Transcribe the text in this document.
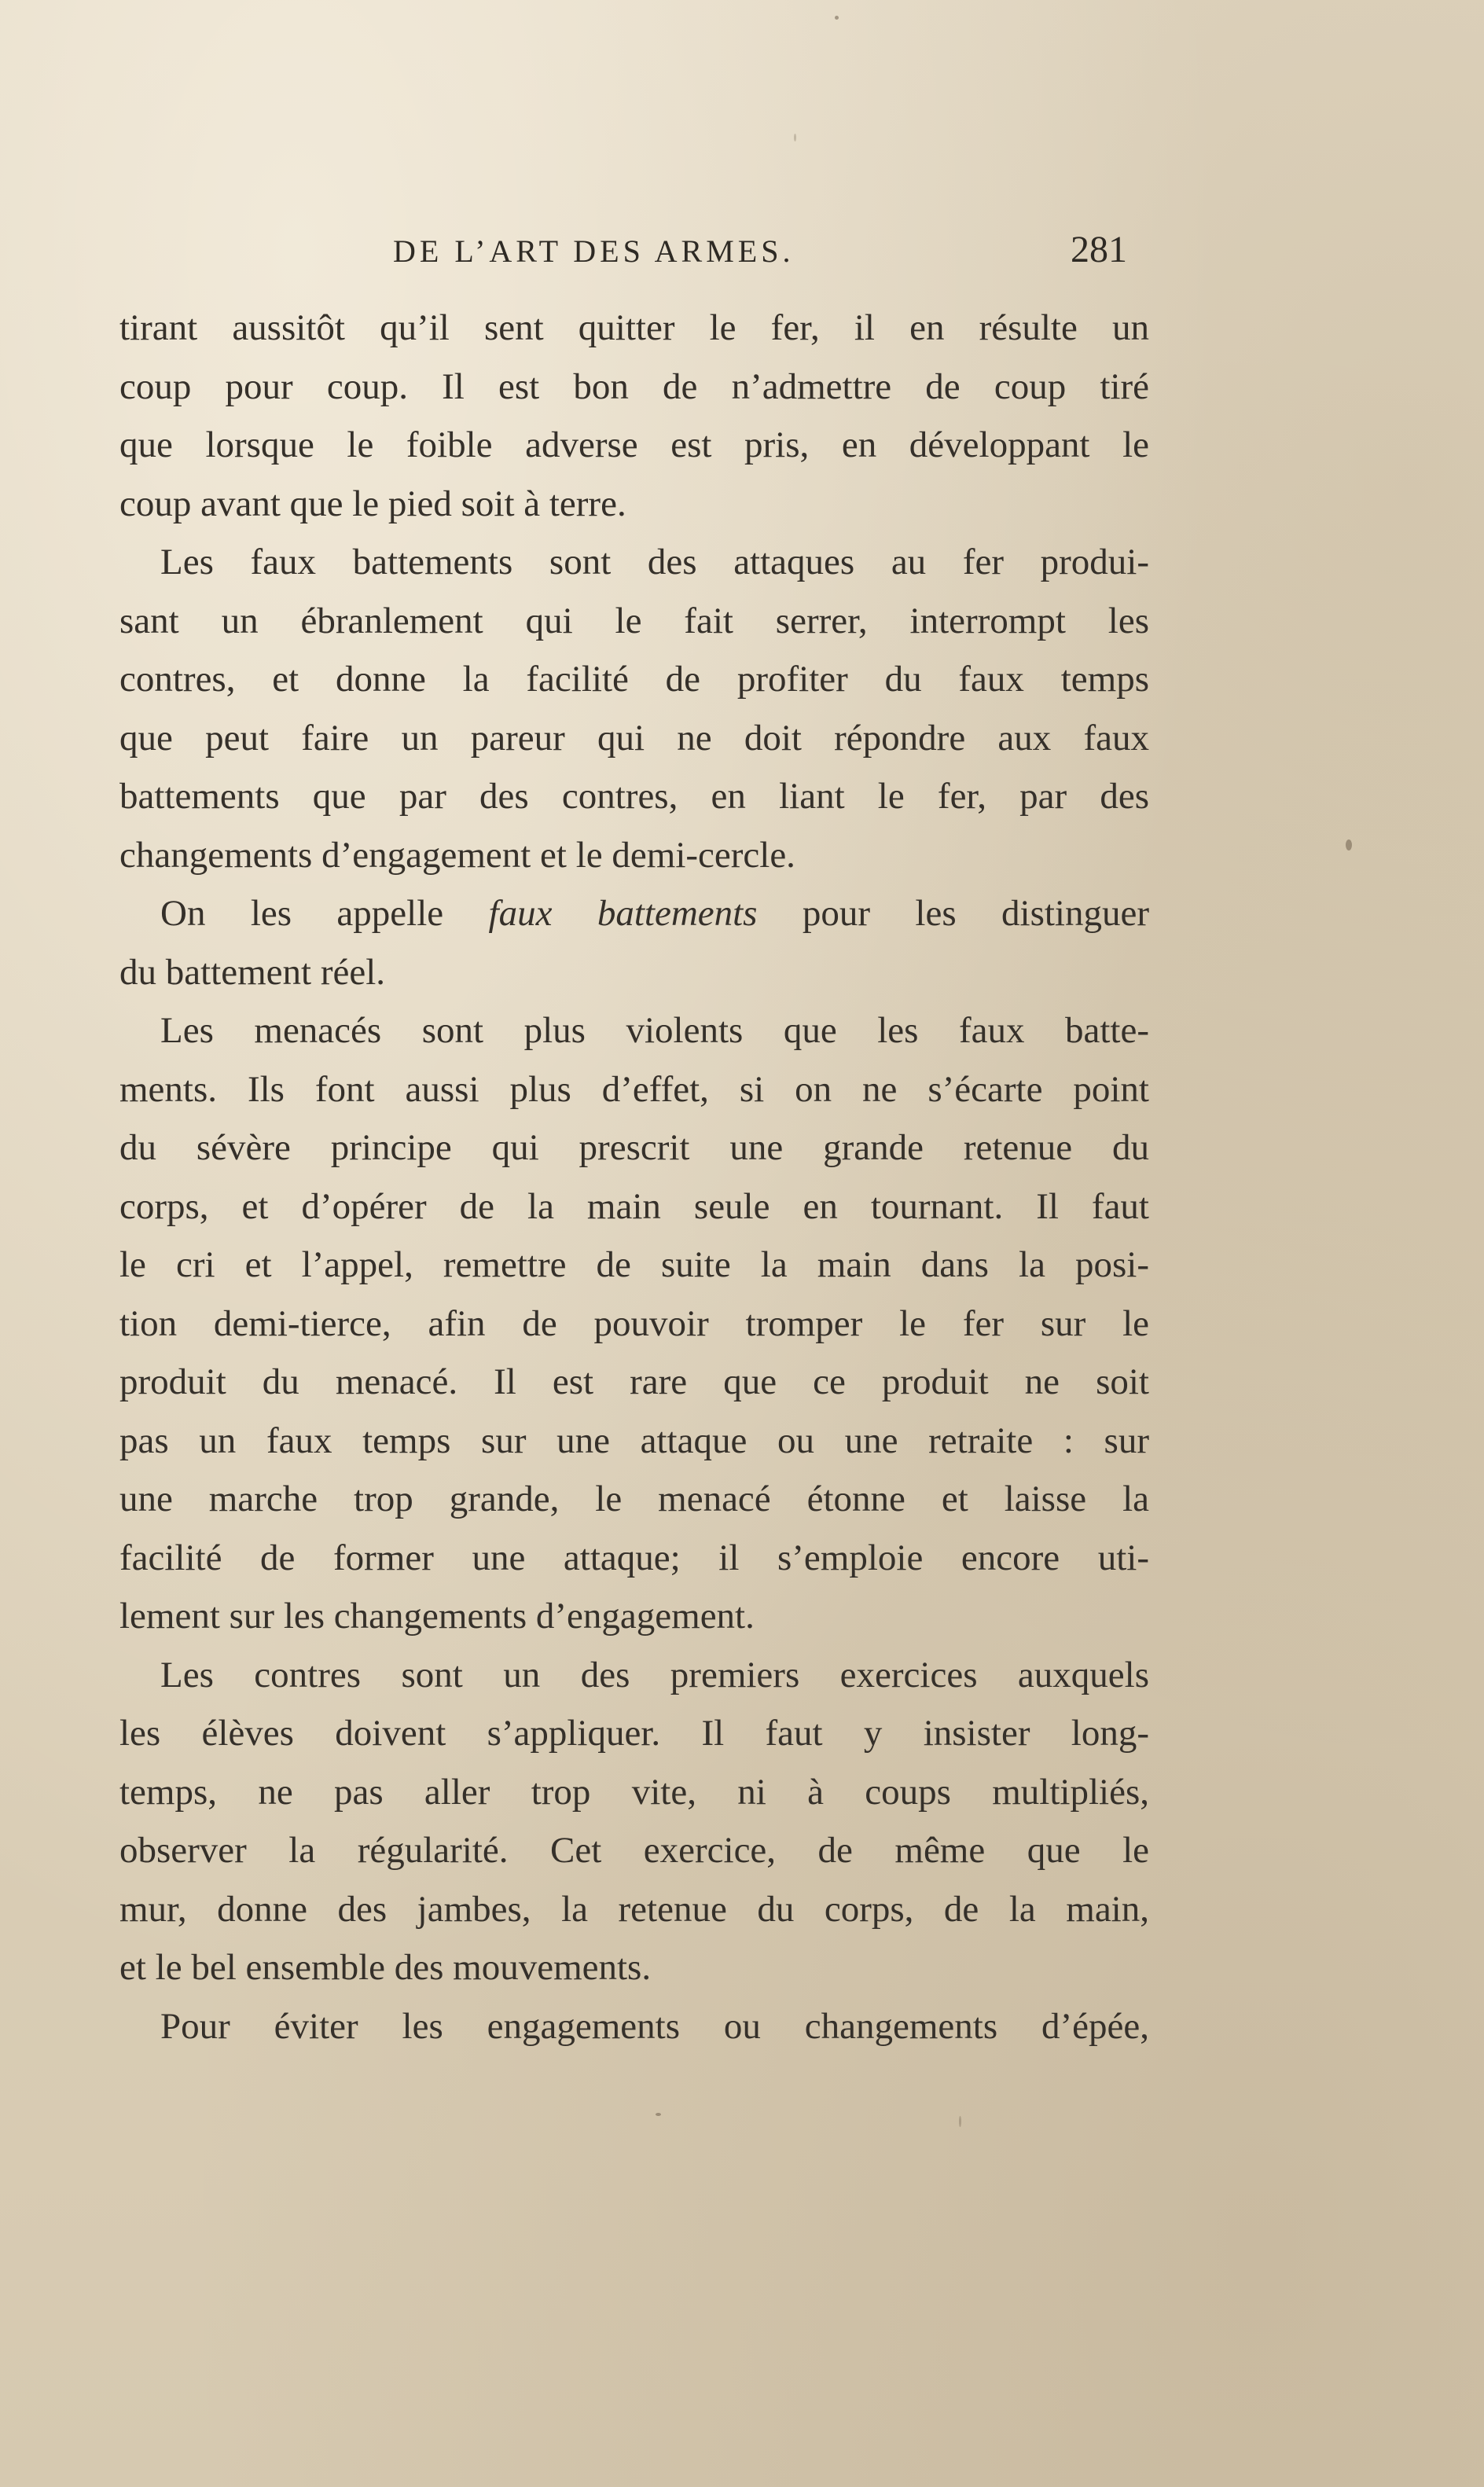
DE L’ART DES ARMES.	281
tirant aussitôt qu’il sent quitter le fer, il en résulte un
coup pour coup. Il est bon de n’admettre de coup tiré
que lorsque le foible adverse est pris, en développant le
coup avant que le pied soit à terre.
Les faux battements sont des attaques au fer produi-
sant un ébranlement qui le fait serrer, interrompt les
contres, et donne la facilité de profiter du faux temps
que peut faire un pareur qui ne doit répondre aux faux
battements que par des contres, en liant le fer, par des
changements d’engagement et le demi-cercle.
On les appelle faux battements pour les distinguer
du battement réel.
Les menacés sont plus violents que les faux batte-
ments. Ils font aussi plus d’effet, si on ne s’écarte point
du sévère principe qui prescrit une grande retenue du
corps, et d’opérer de la main seule en tournant. Il faut
le cri et l’appel, remettre de suite la main dans la posi-
tion demi-tierce, afin de pouvoir tromper le fer sur le
produit du menacé. Il est rare que ce produit ne soit
pas un faux temps sur une attaque ou une retraite : sur
une marche trop grande, le menacé étonne et laisse la
facilité de former une attaque; il s’emploie encore uti-
lement sur les changements d’engagement.
Les contres sont un des premiers exercices auxquels
les élèves doivent s’appliquer. Il faut y insister long-
temps, ne pas aller trop vite, ni à coups multipliés,
observer la régularité. Cet exercice, de même que le
mur, donne des jambes, la retenue du corps, de la main,
et le bel ensemble des mouvements.
Pour éviter les engagements ou changements d’épée,
